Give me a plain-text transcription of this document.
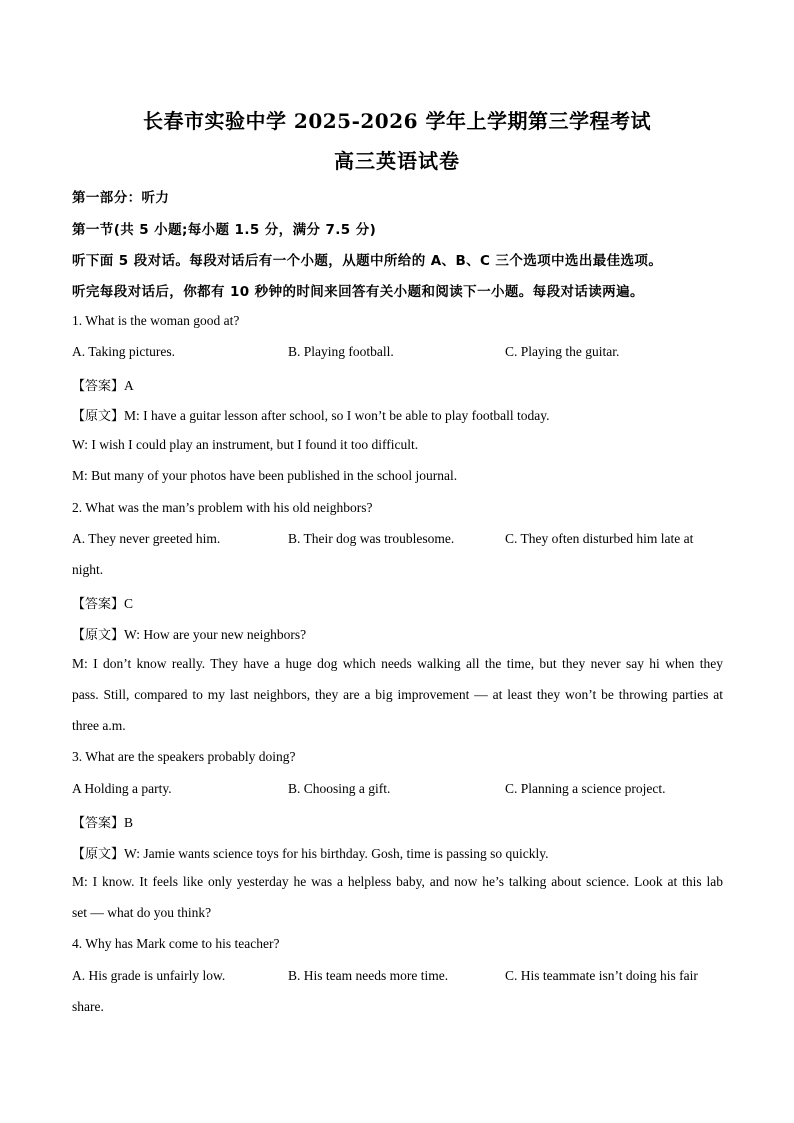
长春市实验中学 2025-2026 学年上学期第三学程考试
高三英语试卷
第一部分：听力
第一节(共 5 小题;每小题 1.5 分，满分 7.5 分)
听下面 5 段对话。每段对话后有一个小题，从题中所给的 A、B、C 三个选项中选出最佳选项。
听完每段对话后，你都有 10 秒钟的时间来回答有关小题和阅读下一小题。每段对话读两遍。
1. What is the woman good at?
A. Taking pictures.	B. Playing football.	C. Playing the guitar.
【答案】A
【原文】M: I have a guitar lesson after school, so I won’t be able to play football today.
W: I wish I could play an instrument, but I found it too difficult.
M: But many of your photos have been published in the school journal.
2. What was the man’s problem with his old neighbors?
A. They never greeted him.	B. Their dog was troublesome.	C. They often disturbed him late at
night.
【答案】C
【原文】W: How are your new neighbors?
M: I don’t know really. They have a huge dog which needs walking all the time, but they never say hi when they
pass. Still, compared to my last neighbors, they are a big improvement — at least they won’t be throwing parties at
three a.m.
3. What are the speakers probably doing?
A Holding a party.	B. Choosing a gift.	C. Planning a science project.
【答案】B
【原文】W: Jamie wants science toys for his birthday. Gosh, time is passing so quickly.
M: I know. It feels like only yesterday he was a helpless baby, and now he’s talking about science. Look at this lab
set — what do you think?
4. Why has Mark come to his teacher?
A. His grade is unfairly low.	B. His team needs more time.	C. His teammate isn’t doing his fair
share.
